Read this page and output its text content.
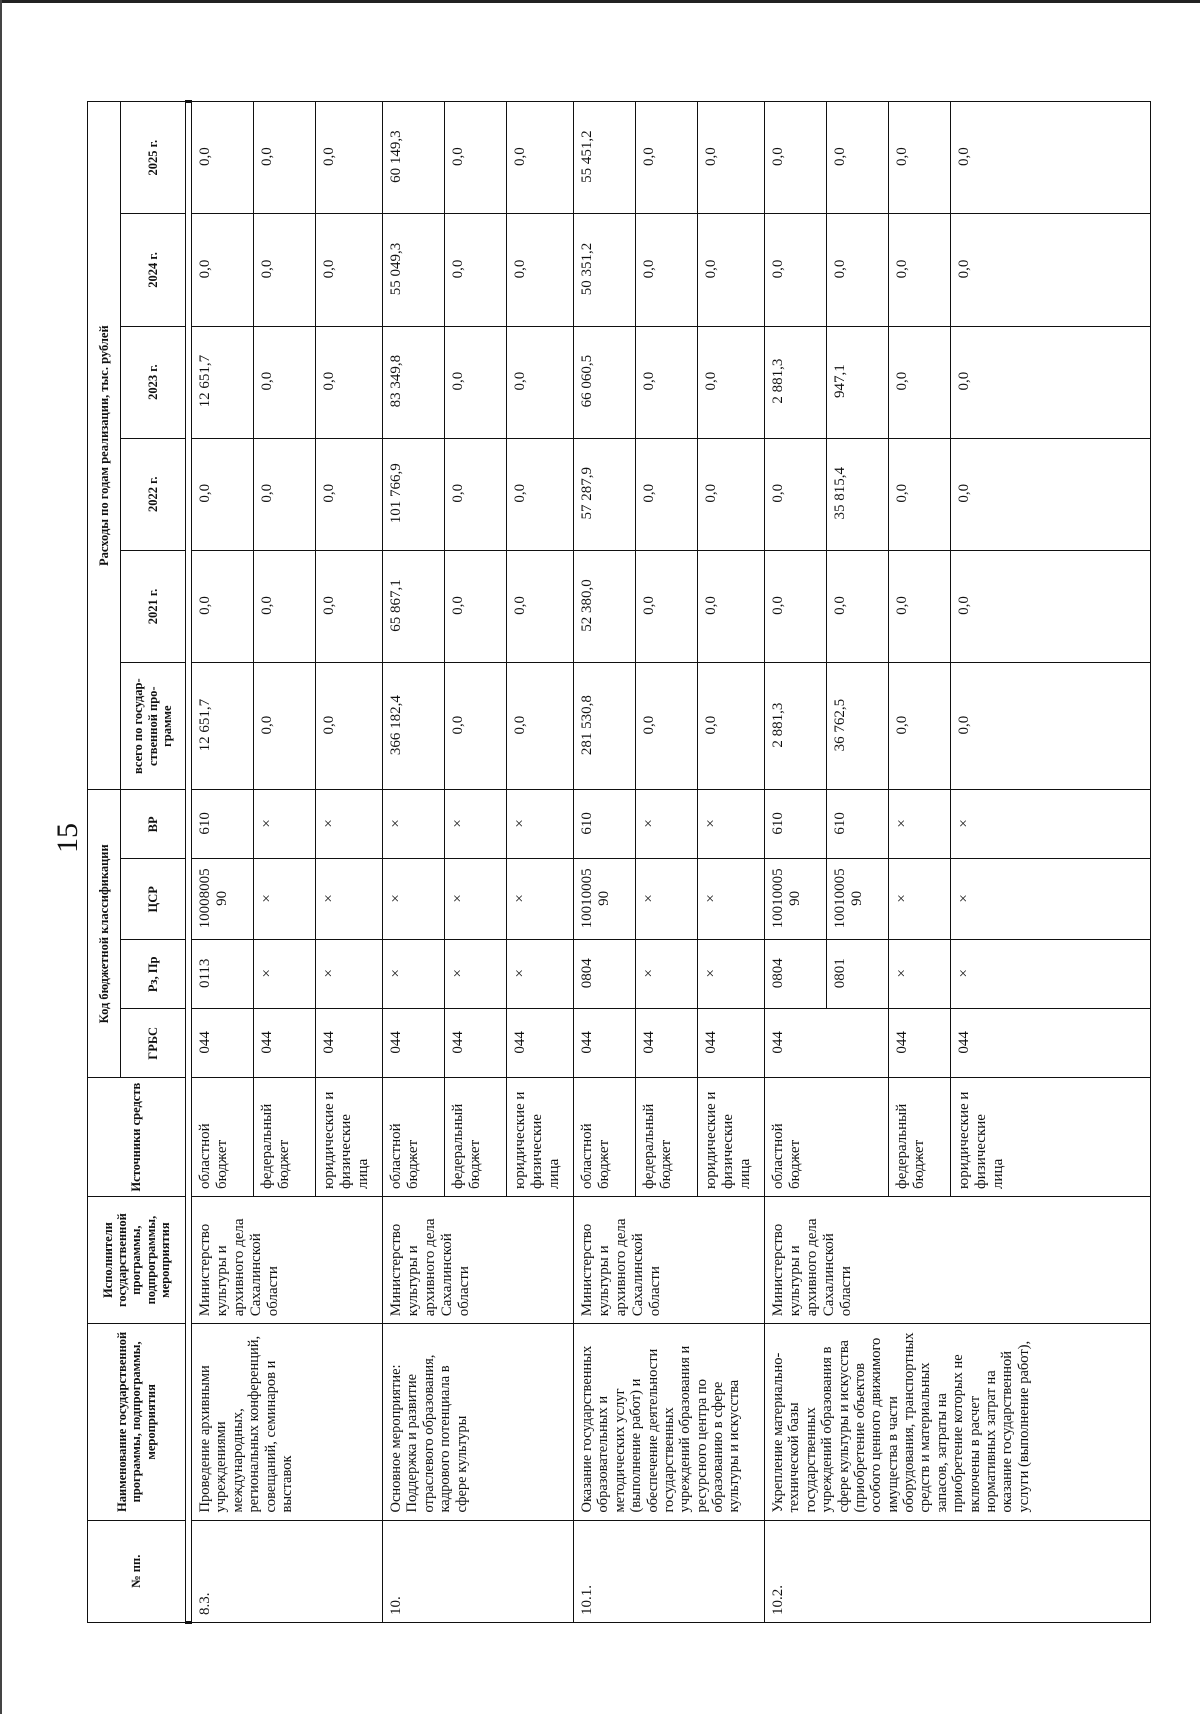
15
№ пп.	Наименование государственной программы, подпрограммы, мероприятия	Исполнители государственной программы, подпрограммы, мероприятия	Источники средств	Код бюджетной классификации				Расходы по годам реализации, тыс. рублей					
				ГРБС	Рз, Пр	ЦСР	ВР	всего по государ-ственной про-грамме	2021 г.	2022 г.	2023 г.	2024 г.	2025 г.

8.3.	Проведение архивными учреждениями международных, региональных конференций, совещаний, семинаров и выставок	Министерство культуры и архивного дела Сахалинской области	областной бюджет	044	0113	10008005 90	610	12 651,7	0,0	0,0	12 651,7	0,0	0,0
			федеральный бюджет	044	×	×	×	0,0	0,0	0,0	0,0	0,0	0,0
			юридические и физические лица	044	×	×	×	0,0	0,0	0,0	0,0	0,0	0,0
10.	Основное мероприятие: Поддержка и развитие отраслевого образования, кадрового потенциала в сфере культуры	Министерство культуры и архивного дела Сахалинской области	областной бюджет	044	×	×	×	366 182,4	65 867,1	101 766,9	83 349,8	55 049,3	60 149,3
			федеральный бюджет	044	×	×	×	0,0	0,0	0,0	0,0	0,0	0,0
			юридические и физические лица	044	×	×	×	0,0	0,0	0,0	0,0	0,0	0,0
10.1.	Оказание государственных образовательных и методических услуг (выполнение работ) и обеспечение деятельности государственных учреждений образования и ресурсного центра по образованию в сфере культуры и искусства	Министерство культуры и архивного дела Сахалинской области	областной бюджет	044	0804	10010005 90	610	281 530,8	52 380,0	57 287,9	66 060,5	50 351,2	55 451,2
			федеральный бюджет	044	×	×	×	0,0	0,0	0,0	0,0	0,0	0,0
			юридические и физические лица	044	×	×	×	0,0	0,0	0,0	0,0	0,0	0,0
10.2.	Укрепление материально-технической базы государственных учреждений образования в сфере культуры и искусства (приобретение объектов особого ценного движимого имущества в части оборудования, транспортных средств и материальных запасов, затраты на приобретение которых не включены в расчет нормативных затрат на оказание государственной услуги (выполнение работ),	Министерство культуры и архивного дела Сахалинской области	областной бюджет	044	0804	10010005 90	610	2 881,3	0,0	0,0	2 881,3	0,0	0,0
					0801	10010005 90	610	36 762,5	0,0	35 815,4	947,1	0,0	0,0
			федеральный бюджет	044	×	×	×	0,0	0,0	0,0	0,0	0,0	0,0
			юридические и физические лица	044	×	×	×	0,0	0,0	0,0	0,0	0,0	0,0
